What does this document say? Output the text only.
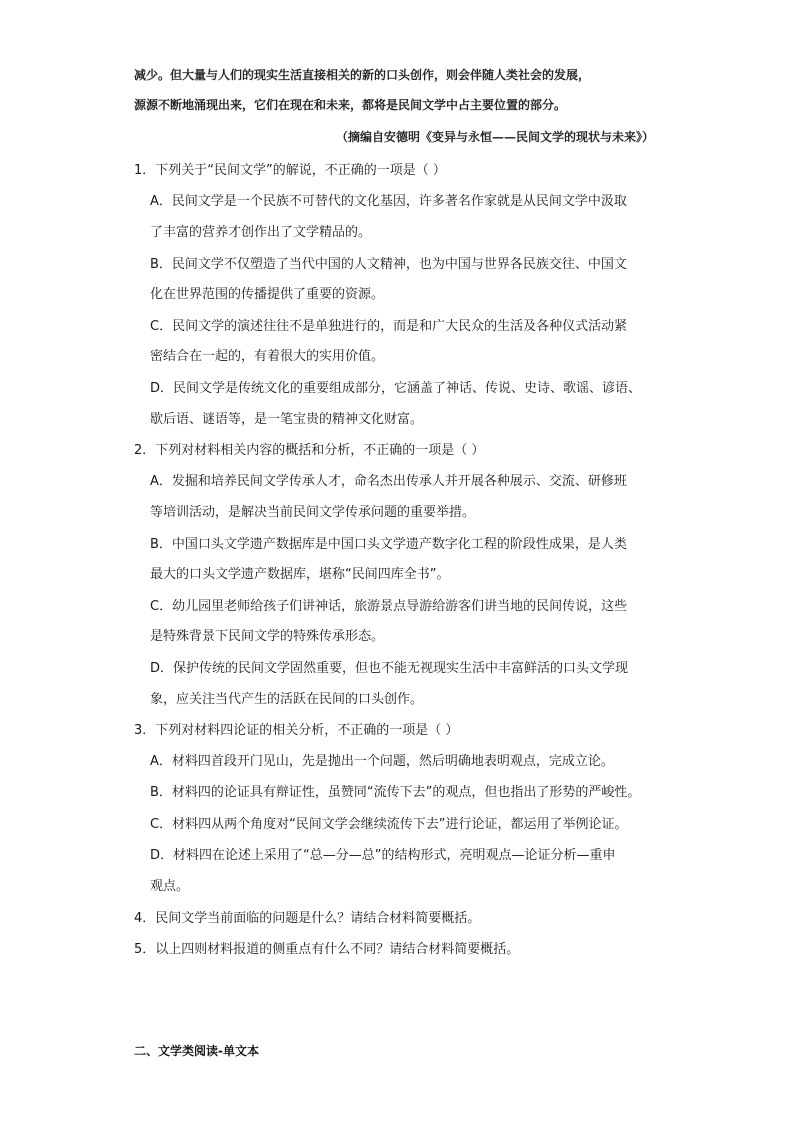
减少。但大量与人们的现实生活直接相关的新的口头创作，则会伴随人类社会的发展，
源源不断地涌现出来，它们在现在和未来，都将是民间文学中占主要位置的部分。
（摘编自安德明《变异与永恒——民间文学的现状与未来》）
1．下列关于“民间文学”的解说，不正确的一项是（ ）
A．民间文学是一个民族不可替代的文化基因，许多著名作家就是从民间文学中汲取
了丰富的营养才创作出了文学精品的。
B．民间文学不仅塑造了当代中国的人文精神，也为中国与世界各民族交往、中国文
化在世界范围的传播提供了重要的资源。
C．民间文学的演述往往不是单独进行的，而是和广大民众的生活及各种仪式活动紧
密结合在一起的，有着很大的实用价值。
D．民间文学是传统文化的重要组成部分，它涵盖了神话、传说、史诗、歌谣、谚语、
歇后语、谜语等，是一笔宝贵的精神文化财富。
2．下列对材料相关内容的概括和分析，不正确的一项是（ ）
A．发掘和培养民间文学传承人才，命名杰出传承人并开展各种展示、交流、研修班
等培训活动，是解决当前民间文学传承问题的重要举措。
B．中国口头文学遗产数据库是中国口头文学遗产数字化工程的阶段性成果，是人类
最大的口头文学遗产数据库，堪称“民间四库全书”。
C．幼儿园里老师给孩子们讲神话，旅游景点导游给游客们讲当地的民间传说，这些
是特殊背景下民间文学的特殊传承形态。
D．保护传统的民间文学固然重要，但也不能无视现实生活中丰富鲜活的口头文学现
象，应关注当代产生的活跃在民间的口头创作。
3．下列对材料四论证的相关分析，不正确的一项是（ ）
A．材料四首段开门见山，先是抛出一个问题，然后明确地表明观点，完成立论。
B．材料四的论证具有辩证性，虽赞同“流传下去”的观点，但也指出了形势的严峻性。
C．材料四从两个角度对“民间文学会继续流传下去”进行论证，都运用了举例论证。
D．材料四在论述上采用了“总—分—总”的结构形式，亮明观点—论证分析—重申
观点。
4．民间文学当前面临的问题是什么？请结合材料简要概括。
5．以上四则材料报道的侧重点有什么不同？请结合材料简要概括。
二、文学类阅读-单文本
